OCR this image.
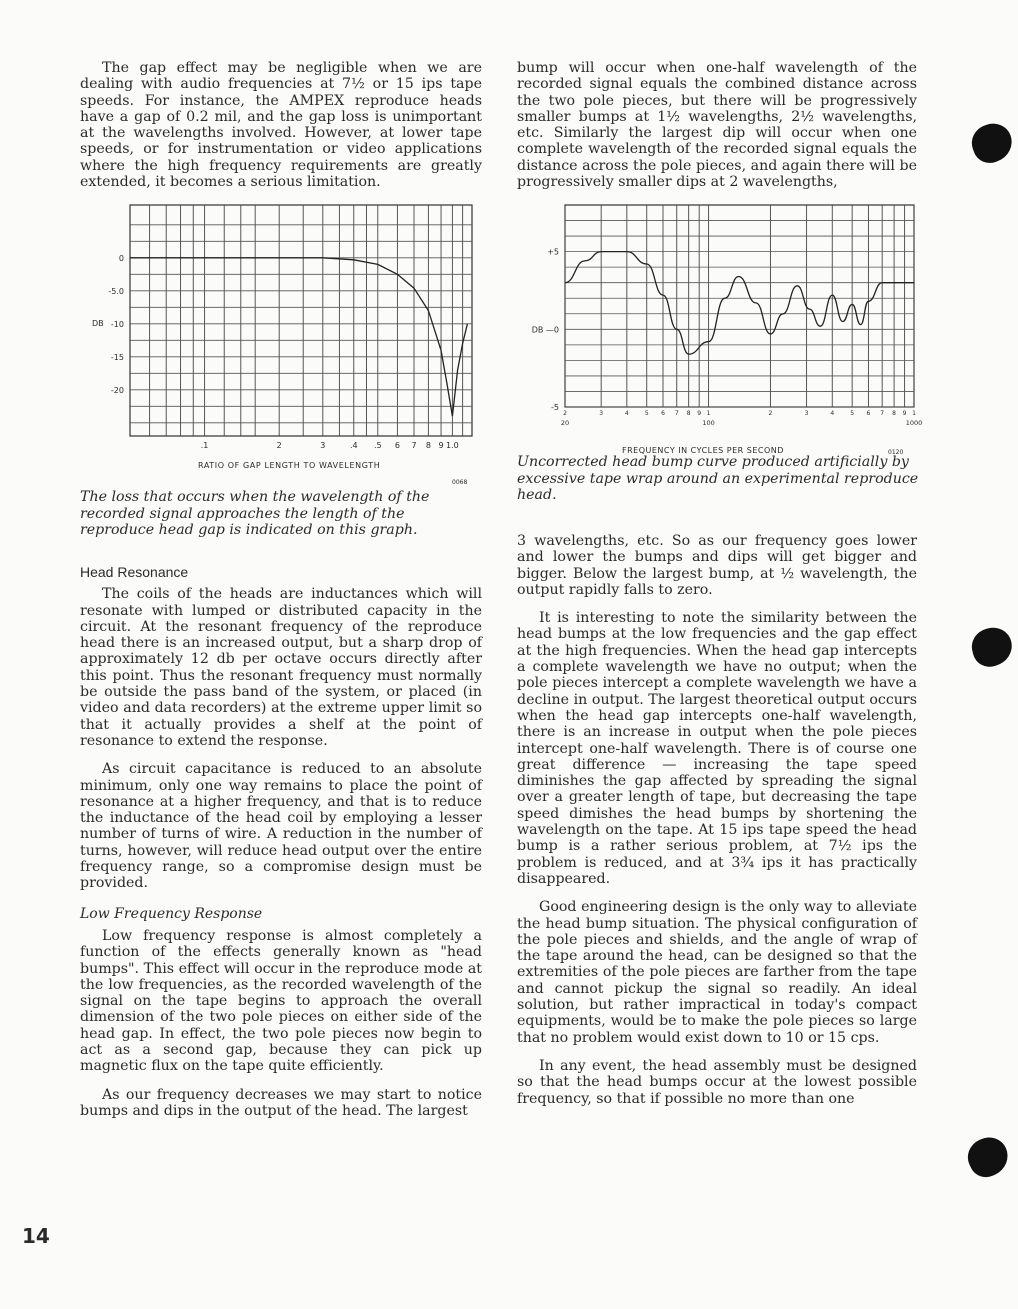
The gap effect may be negligible when we are dealing with audio frequencies at 7½ or 15 ips tape speeds. For instance, the AMPEX reproduce heads have a gap of 0.2 mil, and the gap loss is unimportant at the wavelengths involved. However, at lower tape speeds, or for instrumentation or video applications where the high frequency requirements are greatly extended, it becomes a serious limitation.

0
-5.0
-10
-15
-20
.1	2	3	.4 .5 6 7 8 9 1.0
DB
RATIO OF GAP LENGTH TO WAVELENGTH
0068
The loss that occurs when the wavelength of the recorded signal approaches the length of the reproduce head gap is indicated on this graph.

Head Resonance

The coils of the heads are inductances which will resonate with lumped or distributed capacity in the circuit. At the resonant frequency of the reproduce head there is an increased output, but a sharp drop of approximately 12 db per octave occurs directly after this point. Thus the resonant frequency must normally be outside the pass band of the system, or placed (in video and data recorders) at the extreme upper limit so that it actually provides a shelf at the point of resonance to extend the response.

As circuit capacitance is reduced to an absolute minimum, only one way remains to place the point of resonance at a higher frequency, and that is to reduce the inductance of the head coil by employing a lesser number of turns of wire. A reduction in the number of turns, however, will reduce head output over the entire frequency range, so a compromise design must be provided.

Low Frequency Response

Low frequency response is almost completely a function of the effects generally known as "head bumps". This effect will occur in the reproduce mode at the low frequencies, as the recorded wavelength of the signal on the tape begins to approach the overall dimension of the two pole pieces on either side of the head gap. In effect, the two pole pieces now begin to act as a second gap, because they can pick up magnetic flux on the tape quite efficiently.

As our frequency decreases we may start to notice bumps and dips in the output of the head. The largest

bump will occur when one-half wavelength of the recorded signal equals the combined distance across the two pole pieces, but there will be progressively smaller bumps at 1½ wavelengths, 2½ wavelengths, etc. Similarly the largest dip will occur when one complete wavelength of the recorded signal equals the distance across the pole pieces, and again there will be progressively smaller dips at 2 wavelengths,

+5
DB —0
-5
2	3	4	5 6 7 8 9 1	2	3	4	5 6 7 8 9 1
20	100	1000
FREQUENCY IN CYCLES PER SECOND	0120
Uncorrected head bump curve produced artificially by excessive tape wrap around an experimental reproduce head.

3 wavelengths, etc. So as our frequency goes lower and lower the bumps and dips will get bigger and bigger. Below the largest bump, at ½ wavelength, the output rapidly falls to zero.

It is interesting to note the similarity between the head bumps at the low frequencies and the gap effect at the high frequencies. When the head gap intercepts a complete wavelength we have no output; when the pole pieces intercept a complete wavelength we have a decline in output. The largest theoretical output occurs when the head gap intercepts one-half wavelength, there is an increase in output when the pole pieces intercept one-half wavelength. There is of course one great difference — increasing the tape speed diminishes the gap affected by spreading the signal over a greater length of tape, but decreasing the tape speed dimishes the head bumps by shortening the wavelength on the tape. At 15 ips tape speed the head bump is a rather serious problem, at 7½ ips the problem is reduced, and at 3¾ ips it has practically disappeared.

Good engineering design is the only way to alleviate the head bump situation. The physical configuration of the pole pieces and shields, and the angle of wrap of the tape around the head, can be designed so that the extremities of the pole pieces are farther from the tape and cannot pickup the signal so readily. An ideal solution, but rather impractical in today's compact equipments, would be to make the pole pieces so large that no problem would exist down to 10 or 15 cps.

In any event, the head assembly must be designed so that the head bumps occur at the lowest possible frequency, so that if possible no more than one

14
